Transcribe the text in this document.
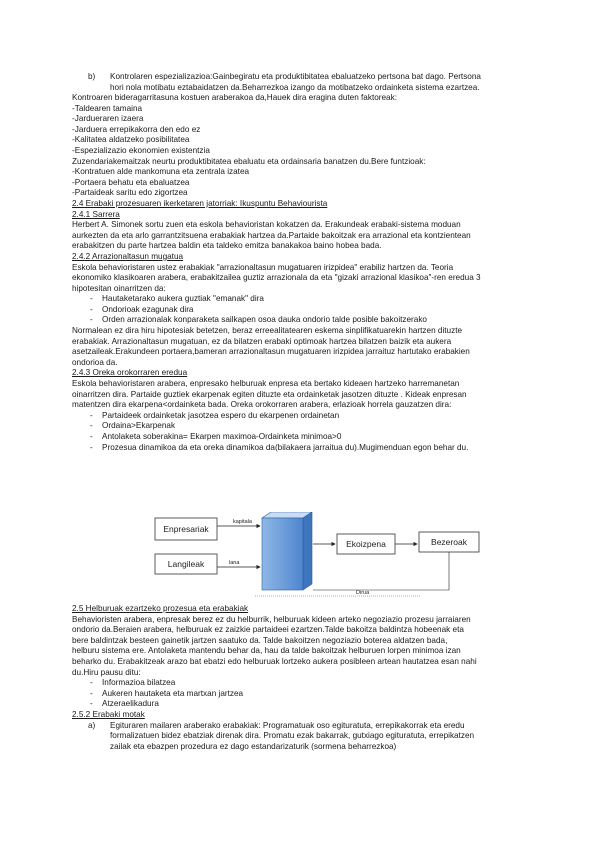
b) Kontrolaren espezializazioa:Gainbegiratu eta produktibitatea ebaluatzeko pertsona bat dago. Pertsona

hori nola motibatu eztabaidatzen da.Beharrezkoa izango da motibatzeko ordainketa sistema ezartzea.

Kontroaren bideragarritasuna kostuen araberakoa da,Hauek dira eragina duten faktoreak:

-Taldearen tamaina

-Jardueraren izaera

-Jarduera errepikakorra den edo ez

-Kalitatea aldatzeko posibilitatea

-Espezializazio ekonomien existentzia

Zuzendariakemaitzak neurtu produktibitatea ebaluatu eta ordainsaria banatzen du.Bere funtzioak:

-Kontratuen alde mankomuna eta zentrala izatea

-Portaera behatu eta ebaluatzea

-Partaideak saritu edo zigortzea

2.4 Erabaki prozesuaren ikerketaren jatorriak: Ikuspuntu Behaviourista

2.4.1 Sarrera

Herbert A. Simonek sortu zuen eta eskola behavioristan kokatzen da. Erakundeak erabaki-sistema moduan

aurkezten da eta arlo garrantzitsuena erabakiak hartzea da.Partaide bakoitzak era arrazional eta kontzientean

erabakitzen du parte hartzea baldin eta taldeko emitza banakakoa baino hobea bada.

2.4.2 Arrazionaltasun mugatua

Eskola behavioristaren ustez erabakiak "arrazionaltasun mugatuaren irizpidea" erabiliz hartzen da. Teoria

ekonomiko klasikoaren arabera, erabakitzailea guztiz arrazionala da eta "gizaki arrazional klasikoa"-ren eredua 3

hipotesitan oinarritzen da:

- Hautaketarako aukera guztiak "emanak" dira
- Ondorioak ezagunak dira
- Orden arrazionalak konparaketa sailkapen osoa dauka ondorio talde posible bakoitzerako

Normalean ez dira hiru hipotesiak betetzen, beraz erreealitatearen eskema sinplifikatuarekin hartzen dituzte

erabakiak. Arrazionaltasun mugatuan, ez da bilatzen erabaki optimoak hartzea bilatzen baizik eta aukera

asetzaileak.Erakundeen portaera,bameran arrazionaltasun mugatuaren irizpidea jarraituz hartutako erabakien

ondorioa da.

2.4.3 Oreka orokorraren eredua

Eskola behavioristaren arabera, enpresako helburuak enpresa eta bertako kideaen hartzeko harremanetan

oinarritzen dira. Partaide guztiek ekarpenak egiten dituzte eta ordainketak jasotzen dituzte . Kideak enpresan

matentzen dira ekarpena<ordainketa bada. Oreka orokorraren arabera, erlazioak horrela gauzatzen dira:

- Partaideek ordainketak jasotzea espero du ekarpenen ordainetan
- Ordaina>Ekarpenak
- Antolaketa soberakina= Ekarpen maximoa-Ordainketa minimoa>0
- Prozesua dinamikoa da eta oreka dinamikoa da(bilakaera jarraitua du).Mugimenduan egon behar du.
Enpresariak
Langileak
kapitala
lana
Ekoizpena	Bezeroak
Dirua

2.5 Helburuak ezartzeko prozesua eta erabakiak

Behavioristen arabera, enpresak berez ez du helburrik, helburuak kideen arteko negoziazio prozesu jarraiaren

ondorio da.Beraien arabera, helburuak ez zaizkie partaideei ezartzen.Talde bakoitza baldintza hobeenak eta

bere baldintzak besteen gainetik jartzen saatuko da. Talde bakoitzen negoziazio boterea aldatzen bada,

helburu sistema ere. Antolaketa mantendu behar da, hau da talde bakoitzak helburuen lorpen minimoa izan

beharko du. Erabakitzeak arazo bat ebatzi edo helburuak lortzeko aukera posibleen artean hautatzea esan nahi

du.Hiru pausu ditu:

- Informazioa bilatzea
- Aukeren hautaketa eta martxan jartzea
- Atzeraelikadura

2.5.2 Erabaki motak

a) Egituraren mailaren araberako erabakiak: Programatuak oso egituratuta, errepikakorrak eta eredu

formalizatuen bidez ebatziak direnak dira. Promatu ezak bakarrak, gutxiago egituratuta, errepikatzen

zailak eta ebazpen prozedura ez dago estandarizaturik (sormena beharrezkoa)
